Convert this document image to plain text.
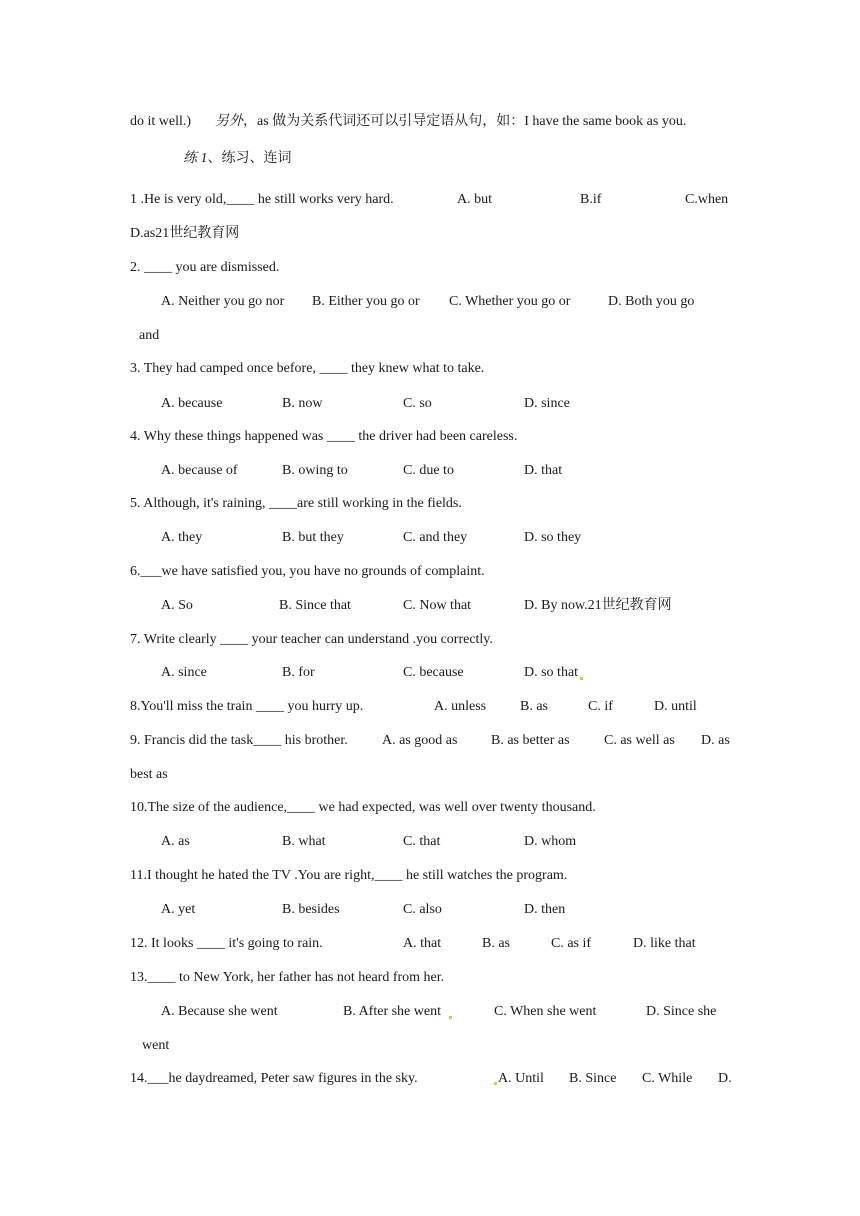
do it well.) 另外，as 做为关系代词还可以引导定语从句，如：I have the same book as you.
练 1、练习、连词
1 .He is very old,____ he still works very hard.	A. but	B.if	C.when
D.as21世纪教育网
2. ____ you are dismissed.
A. Neither you go nor B. Either you go or C. Whether you go or	D. Both you go
and
3. They had camped once before, ____ they knew what to take.
A. because	B. now	C. so	D. since
4. Why these things happened was ____ the driver had been careless.
A. because of	B. owing to	C. due to	D. that
5. Although, it's raining, ____are still working in the fields.
A. they	B. but they	C. and they	D. so they
6.___we have satisfied you, you have no grounds of complaint.
A. So	B. Since that	C. Now that	D. By now.21世纪教育网
7. Write clearly ____ your teacher can understand .you correctly.
A. since	B. for	C. because	D. so that
8.You'll miss the train ____ you hurry up.	A. unless B. as	C. if	D. until
9. Francis did the task____ his brother. A. as good as B. as better as C. as well as D. as
best as
10.The size of the audience,____ we had expected, was well over twenty thousand.
A. as	B. what	C. that	D. whom
11.I thought he hated the TV .You are right,____ he still watches the program.
A. yet	B. besides	C. also	D. then
12. It looks ____ it's going to rain.	A. that	B. as	C. as if	D. like that
13.____ to New York, her father has not heard from her.
A. Because she went	B. After she went	C. When she went	D. Since she
went
14.___he daydreamed, Peter saw figures in the sky.	A. Until B. Since C. While D.
